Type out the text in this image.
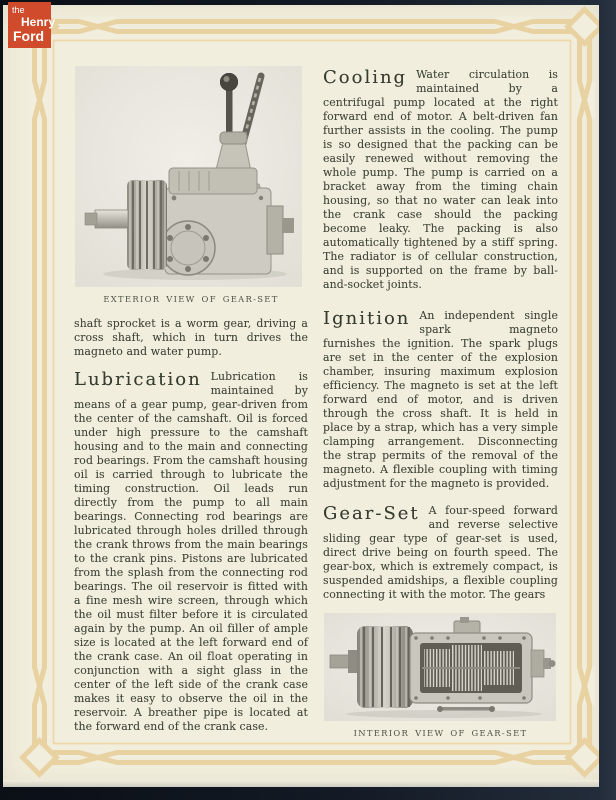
the
Henry
Ford
EXTERIOR VIEW OF GEAR-SET

shaft sprocket is a worm gear, driving a cross shaft, which in turn drives the magneto and water pump.

Lubrication Lubrication is maintained by means of a gear pump, gear-driven from the center of the camshaft. Oil is forced under high pressure to the camshaft housing and to the main and connecting rod bearings. From the camshaft housing oil is carried through to lubricate the timing construction. Oil leads run directly from the pump to all main bearings. Connecting rod bearings are lubricated through holes drilled through the crank throws from the main bearings to the crank pins. Pistons are lubricated from the splash from the connecting rod bearings. The oil reservoir is fitted with a fine mesh wire screen, through which the oil must filter before it is circulated again by the pump. An oil filler of ample size is located at the left forward end of the crank case. An oil float operating in conjunction with a sight glass in the center of the left side of the crank case makes it easy to observe the oil in the reservoir. A breather pipe is located at the forward end of the crank case.

Cooling Water circulation is maintained by a centrifugal pump located at the right forward end of motor. A belt-driven fan further assists in the cooling. The pump is so designed that the packing can be easily renewed without removing the whole pump. The pump is carried on a bracket away from the timing chain housing, so that no water can leak into the crank case should the packing become leaky. The packing is also automatically tightened by a stiff spring. The radiator is of cellular construction, and is supported on the frame by ball-and-socket joints.

Ignition An independent single spark magneto furnishes the ignition. The spark plugs are set in the center of the explosion chamber, insuring maximum explosion efficiency. The magneto is set at the left forward end of motor, and is driven through the cross shaft. It is held in place by a strap, which has a very simple clamping arrangement. Disconnecting the strap permits of the removal of the magneto. A flexible coupling with timing adjustment for the magneto is provided.

Gear-Set A four-speed forward and reverse selective sliding gear type of gear-set is used, direct drive being on fourth speed. The gear-box, which is extremely compact, is suspended amidships, a flexible coupling connecting it with the motor. The gears

INTERIOR VIEW OF GEAR-SET
